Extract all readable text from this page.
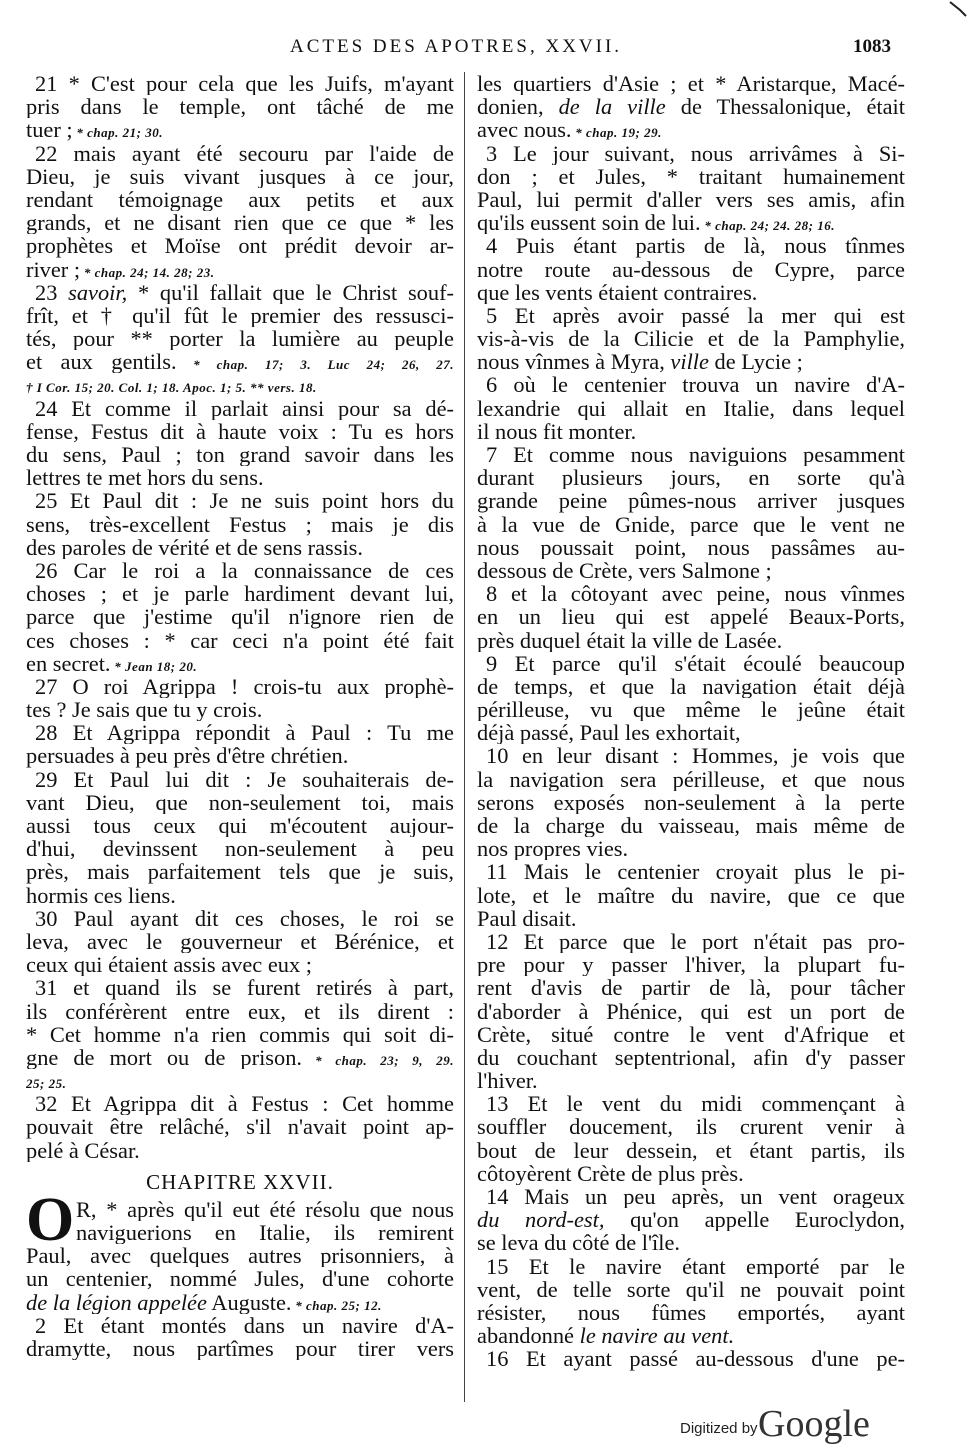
ACTES DES APOTRES, XXVII.	1083
21 * C'est pour cela que les Juifs, m'ayant
pris dans le temple, ont tâché de me
tuer ; * chap. 21; 30.
22 mais ayant été secouru par l'aide de
Dieu, je suis vivant jusques à ce jour,
rendant témoignage aux petits et aux
grands, et ne disant rien que ce que * les
prophètes et Moïse ont prédit devoir ar-
river ; * chap. 24; 14. 28; 23.
23 savoir, * qu'il fallait que le Christ souf-
frît, et † qu'il fût le premier des ressusci-
tés, pour ** porter la lumière au peuple
et aux gentils. * chap. 17; 3. Luc 24; 26, 27.
† I Cor. 15; 20. Col. 1; 18. Apoc. 1; 5. ** vers. 18.
24 Et comme il parlait ainsi pour sa dé-
fense, Festus dit à haute voix : Tu es hors
du sens, Paul ; ton grand savoir dans les
lettres te met hors du sens.
25 Et Paul dit : Je ne suis point hors du
sens, très-excellent Festus ; mais je dis
des paroles de vérité et de sens rassis.
26 Car le roi a la connaissance de ces
choses ; et je parle hardiment devant lui,
parce que j'estime qu'il n'ignore rien de
ces choses : * car ceci n'a point été fait
en secret. * Jean 18; 20.
27 O roi Agrippa ! crois-tu aux prophè-
tes ? Je sais que tu y crois.
28 Et Agrippa répondit à Paul : Tu me
persuades à peu près d'être chrétien.
29 Et Paul lui dit : Je souhaiterais de-
vant Dieu, que non-seulement toi, mais
aussi tous ceux qui m'écoutent aujour-
d'hui, devinssent non-seulement à peu
près, mais parfaitement tels que je suis,
hormis ces liens.
30 Paul ayant dit ces choses, le roi se
leva, avec le gouverneur et Bérénice, et
ceux qui étaient assis avec eux ;
31 et quand ils se furent retirés à part,
ils conférèrent entre eux, et ils dirent :
* Cet homme n'a rien commis qui soit di-
gne de mort ou de prison. * chap. 23; 9, 29.
25; 25.
32 Et Agrippa dit à Festus : Cet homme
pouvait être relâché, s'il n'avait point ap-
pelé à César.
CHAPITRE XXVII.
O R, * après qu'il eut été résolu que nous
naviguerions en Italie, ils remirent
Paul, avec quelques autres prisonniers, à
un centenier, nommé Jules, d'une cohorte
de la légion appelée Auguste. * chap. 25; 12.
2 Et étant montés dans un navire d'A-
dramytte, nous partîmes pour tirer vers
les quartiers d'Asie ; et * Aristarque, Macé-
donien, de la ville de Thessalonique, était
avec nous. * chap. 19; 29.
3 Le jour suivant, nous arrivâmes à Si-
don ; et Jules, * traitant humainement
Paul, lui permit d'aller vers ses amis, afin
qu'ils eussent soin de lui. * chap. 24; 24. 28; 16.
4 Puis étant partis de là, nous tînmes
notre route au-dessous de Cypre, parce
que les vents étaient contraires.
5 Et après avoir passé la mer qui est
vis-à-vis de la Cilicie et de la Pamphylie,
nous vînmes à Myra, ville de Lycie ;
6 où le centenier trouva un navire d'A-
lexandrie qui allait en Italie, dans lequel
il nous fit monter.
7 Et comme nous naviguions pesamment
durant plusieurs jours, en sorte qu'à
grande peine pûmes-nous arriver jusques
à la vue de Gnide, parce que le vent ne
nous poussait point, nous passâmes au-
dessous de Crète, vers Salmone ;
8 et la côtoyant avec peine, nous vînmes
en un lieu qui est appelé Beaux-Ports,
près duquel était la ville de Lasée.
9 Et parce qu'il s'était écoulé beaucoup
de temps, et que la navigation était déjà
périlleuse, vu que même le jeûne était
déjà passé, Paul les exhortait,
10 en leur disant : Hommes, je vois que
la navigation sera périlleuse, et que nous
serons exposés non-seulement à la perte
de la charge du vaisseau, mais même de
nos propres vies.
11 Mais le centenier croyait plus le pi-
lote, et le maître du navire, que ce que
Paul disait.
12 Et parce que le port n'était pas pro-
pre pour y passer l'hiver, la plupart fu-
rent d'avis de partir de là, pour tâcher
d'aborder à Phénice, qui est un port de
Crète, situé contre le vent d'Afrique et
du couchant septentrional, afin d'y passer
l'hiver.
13 Et le vent du midi commençant à
souffler doucement, ils crurent venir à
bout de leur dessein, et étant partis, ils
côtoyèrent Crète de plus près.
14 Mais un peu après, un vent orageux
du nord-est, qu'on appelle Euroclydon,
se leva du côté de l'île.
15 Et le navire étant emporté par le
vent, de telle sorte qu'il ne pouvait point
résister, nous fûmes emportés, ayant
abandonné le navire au vent.
16 Et ayant passé au-dessous d'une pe-
Digitized by Google
